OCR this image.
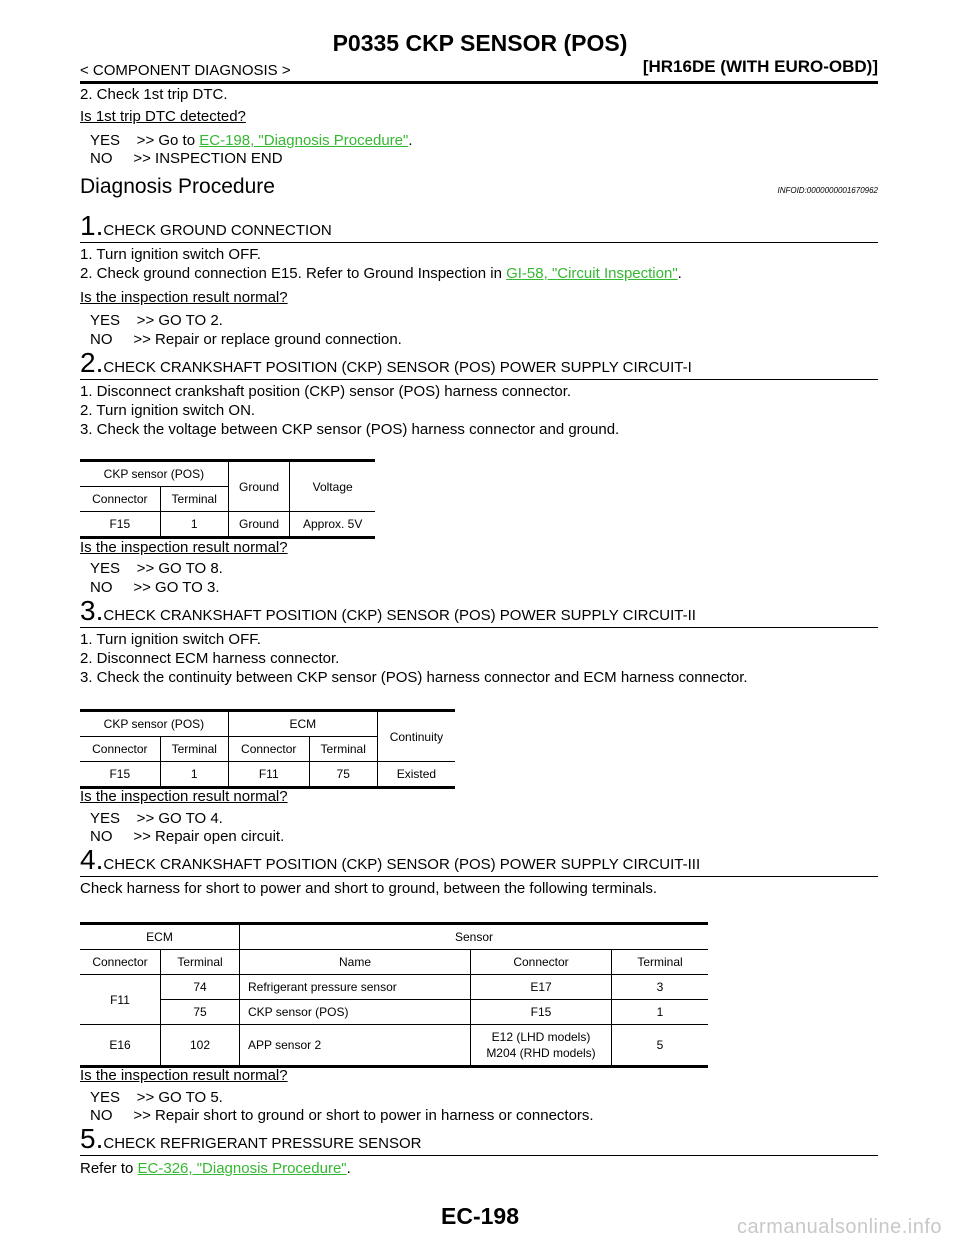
P0335 CKP SENSOR (POS)
< COMPONENT DIAGNOSIS >	[HR16DE (WITH EURO-OBD)]
2. Check 1st trip DTC.
Is 1st trip DTC detected?
YES    >> Go to EC-198, "Diagnosis Procedure".
NO     >> INSPECTION END
Diagnosis Procedure	INFOID:0000000001670962
1.CHECK GROUND CONNECTION
1. Turn ignition switch OFF.
2. Check ground connection E15. Refer to Ground Inspection in GI-58, "Circuit Inspection".
Is the inspection result normal?
YES    >> GO TO 2.
NO     >> Repair or replace ground connection.
2.CHECK CRANKSHAFT POSITION (CKP) SENSOR (POS) POWER SUPPLY CIRCUIT-I
1. Disconnect crankshaft position (CKP) sensor (POS) harness connector.
2. Turn ignition switch ON.
3. Check the voltage between CKP sensor (POS) harness connector and ground.
CKP sensor (POS)		Ground	Voltage
Connector	Terminal		
F15	1	Ground	Approx. 5V
Is the inspection result normal?
YES    >> GO TO 8.
NO     >> GO TO 3.
3.CHECK CRANKSHAFT POSITION (CKP) SENSOR (POS) POWER SUPPLY CIRCUIT-II
1. Turn ignition switch OFF.
2. Disconnect ECM harness connector.
3. Check the continuity between CKP sensor (POS) harness connector and ECM harness connector.
CKP sensor (POS)		ECM		Continuity
Connector	Terminal	Connector	Terminal	
F15	1	F11	75	Existed
Is the inspection result normal?
YES    >> GO TO 4.
NO     >> Repair open circuit.
4.CHECK CRANKSHAFT POSITION (CKP) SENSOR (POS) POWER SUPPLY CIRCUIT-III
Check harness for short to power and short to ground, between the following terminals.
ECM		Sensor		
Connector	Terminal	Name	Connector	Terminal
F11	74	Refrigerant pressure sensor	E17	3
	75	CKP sensor (POS)	F15	1
E16	102	APP sensor 2	E12 (LHD models)
M204 (RHD models)	5
Is the inspection result normal?
YES    >> GO TO 5.
NO     >> Repair short to ground or short to power in harness or connectors.
5.CHECK REFRIGERANT PRESSURE SENSOR
Refer to EC-326, "Diagnosis Procedure".
EC-198	carmanualsonline.info
